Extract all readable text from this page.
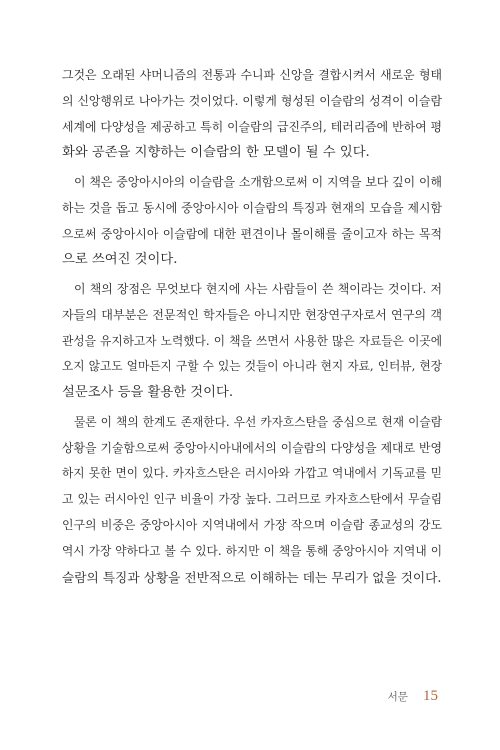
그것은 오래된 샤머니즘의 전통과 수니파 신앙을 결합시켜서 새로운 형태
의 신앙행위로 나아가는 것이었다. 이렇게 형성된 이슬람의 성격이 이슬람
세계에 다양성을 제공하고 특히 이슬람의 급진주의, 테러리즘에 반하여 평
화와 공존을 지향하는 이슬람의 한 모델이 될 수 있다.
이 책은 중앙아시아의 이슬람을 소개함으로써 이 지역을 보다 깊이 이해
하는 것을 돕고 동시에 중앙아시아 이슬람의 특징과 현재의 모습을 제시함
으로써 중앙아시아 이슬람에 대한 편견이나 몰이해를 줄이고자 하는 목적
으로 쓰여진 것이다.
이 책의 장점은 무엇보다 현지에 사는 사람들이 쓴 책이라는 것이다. 저
자들의 대부분은 전문적인 학자들은 아니지만 현장연구자로서 연구의 객
관성을 유지하고자 노력했다. 이 책을 쓰면서 사용한 많은 자료들은 이곳에
오지 않고도 얼마든지 구할 수 있는 것들이 아니라 현지 자료, 인터뷰, 현장
설문조사 등을 활용한 것이다.
물론 이 책의 한계도 존재한다. 우선 카자흐스탄을 중심으로 현재 이슬람
상황을 기술함으로써 중앙아시아내에서의 이슬람의 다양성을 제대로 반영
하지 못한 면이 있다. 카자흐스탄은 러시아와 가깝고 역내에서 기독교를 믿
고 있는 러시아인 인구 비율이 가장 높다. 그러므로 카자흐스탄에서 무슬림
인구의 비중은 중앙아시아 지역내에서 가장 작으며 이슬람 종교성의 강도
역시 가장 약하다고 볼 수 있다. 하지만 이 책을 통해 중앙아시아 지역내 이
슬람의 특징과 상황을 전반적으로 이해하는 데는 무리가 없을 것이다.
서문 15
